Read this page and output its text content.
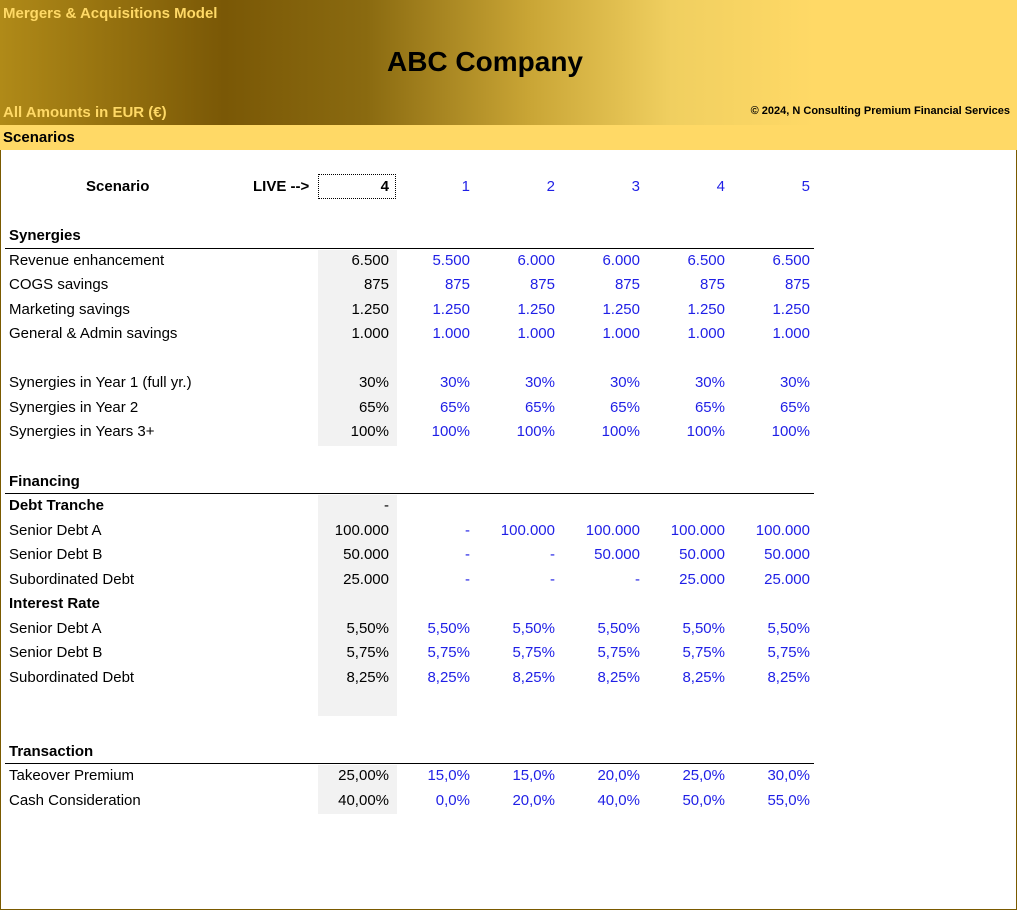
Mergers & Acquisitions Model
ABC Company
All Amounts in EUR (€)	© 2024, N Consulting Premium Financial Services
Scenarios
Scenario	LIVE -->	4	1	2	3	4	5
Synergies
Revenue enhancement	6.500	5.500	6.000	6.000	6.500	6.500
COGS savings	875	875	875	875	875	875
Marketing savings	1.250	1.250	1.250	1.250	1.250	1.250
General & Admin savings	1.000	1.000	1.000	1.000	1.000	1.000
Synergies in Year 1 (full yr.)	30%	30%	30%	30%	30%	30%
Synergies in Year 2	65%	65%	65%	65%	65%	65%
Synergies in Years 3+	100%	100%	100%	100%	100%	100%
Financing
Debt Tranche	-
Senior Debt A	100.000	-	100.000	100.000	100.000	100.000
Senior Debt B	50.000	-	-	50.000	50.000	50.000
Subordinated Debt	25.000	-	-	-	25.000	25.000
Interest Rate
Senior Debt A	5,50%	5,50%	5,50%	5,50%	5,50%	5,50%
Senior Debt B	5,75%	5,75%	5,75%	5,75%	5,75%	5,75%
Subordinated Debt	8,25%	8,25%	8,25%	8,25%	8,25%	8,25%
Transaction
Takeover Premium	25,00%	15,0%	15,0%	20,0%	25,0%	30,0%
Cash Consideration	40,00%	0,0%	20,0%	40,0%	50,0%	55,0%
